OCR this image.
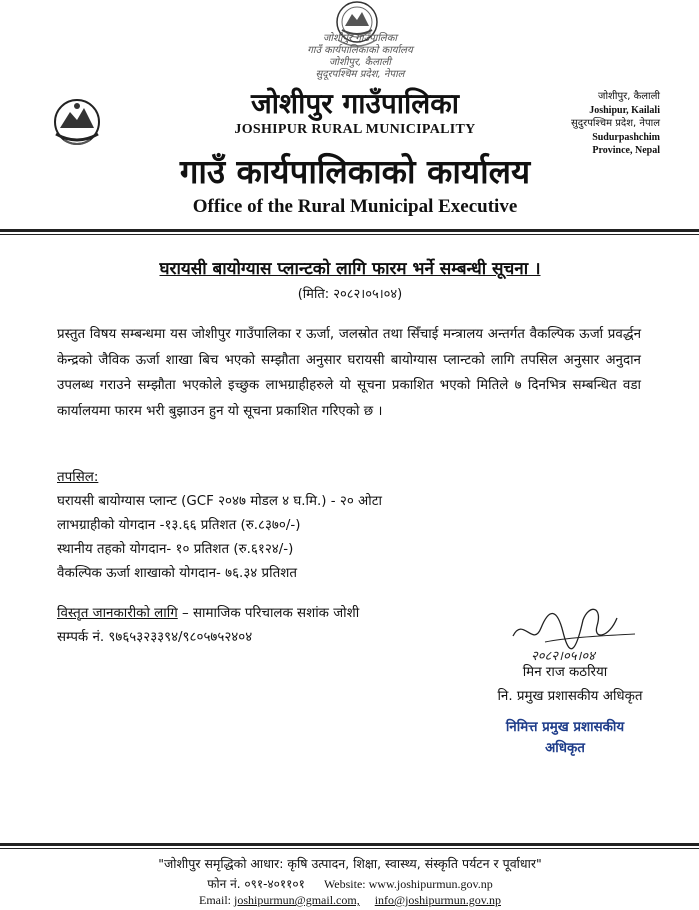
जोशीपुर गाउँपालिका
गाउँ कार्यपालिकाको कार्यालय
जोशीपुर, कैलाली
सुदूरपश्चिम प्रदेश, नेपाल
जोशीपुर गाउँपालिका
JOSHIPUR RURAL MUNICIPALITY
गाउँ कार्यपालिकाको कार्यालय
Office of the Rural Municipal Executive
जोशीपुर, कैलाली
Joshipur, Kailali
सुदुरपश्चिम प्रदेश, नेपाल
Sudurpashchim
Province, Nepal
घरायसी बायोग्यास प्लान्टको लागि फारम भर्ने सम्बन्धी सूचना ।
(मिति: २०८२।०५।०४)
प्रस्तुत विषय सम्बन्धमा यस जोशीपुर गाउँपालिका र ऊर्जा, जलस्रोत तथा सिँचाई मन्त्रालय अन्तर्गत वैकल्पिक ऊर्जा प्रवर्द्धन केन्द्रको जैविक ऊर्जा शाखा बिच भएको सम्झौता अनुसार घरायसी बायोग्यास प्लान्टको लागि तपसिल अनुसार अनुदान उपलब्ध गराउने सम्झौता भएकोले इच्छुक लाभग्राहीहरुले यो सूचना प्रकाशित भएको मितिले ७ दिनभित्र सम्बन्धित वडा कार्यालयमा फारम भरी बुझाउन हुन यो सूचना प्रकाशित गरिएको छ ।
तपसिल:
घरायसी बायोग्यास प्लान्ट (GCF २०४७ मोडल ४ घ.मि.) - २० ओटा
लाभग्राहीको योगदान -१३.६६ प्रतिशत (रु.८३७०/-)
स्थानीय तहको योगदान- १० प्रतिशत (रु.६१२४/-)
वैकल्पिक ऊर्जा शाखाको योगदान- ७६.३४ प्रतिशत
विस्तृत जानकारीको लागि – सामाजिक परिचालक सशांक जोशी
सम्पर्क नं. ९७६५३२३३९४/९८०५७५२४०४
२०८२।०५।०४
मिन राज कठरिया
नि. प्रमुख प्रशासकीय अधिकृत
निमित्त प्रमुख प्रशासकीय
अधिकृत
"जोशीपुर समृद्धिको आधार: कृषि उत्पादन, शिक्षा, स्वास्थ्य, संस्कृति पर्यटन र पूर्वाधार"
फोन नं. ०९१-४०११०१ Website: www.joshipurmun.gov.np
Email: joshipurmun@gmail.com, info@joshipurmun.gov.np
